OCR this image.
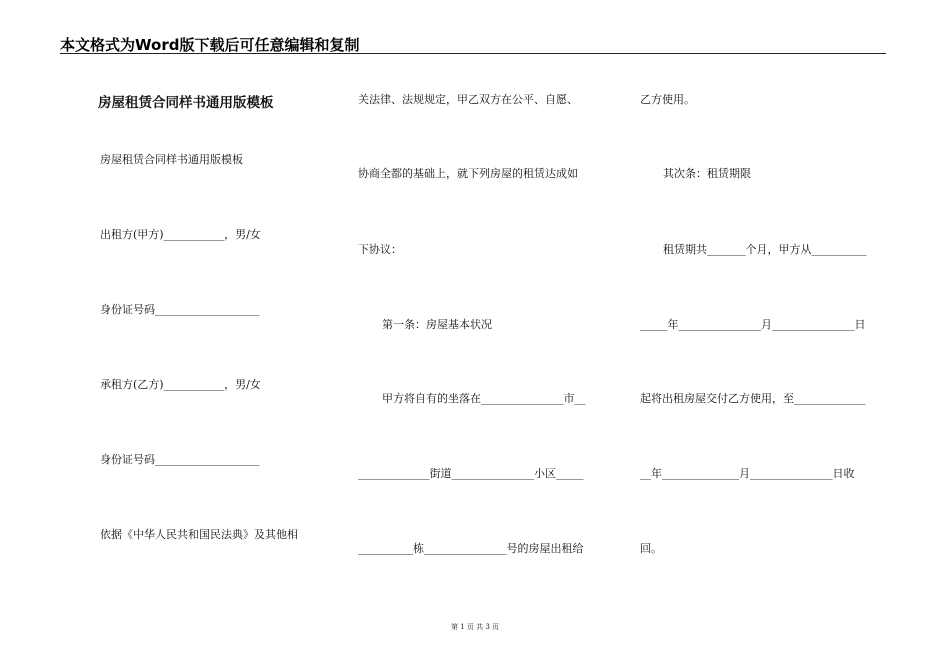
本文格式为Word版下载后可任意编辑和复制
房屋租赁合同样书通用版模板
房屋租赁合同样书通用版模板
出租方(甲方)___________，男/女
身份证号码___________________
承租方(乙方)___________，男/女
身份证号码___________________
依据《中华人民共和国民法典》及其他相
关法律、法规规定，甲乙双方在公平、自愿、
协商全都的基础上，就下列房屋的租赁达成如
下协议：
第一条：房屋基本状况
甲方将自有的坐落在_______________市__
_____________街道_______________小区_____
__________栋_______________号的房屋出租给
乙方使用。
其次条：租赁期限
租赁期共_______个月，甲方从__________
_____年_______________月_______________日
起将出租房屋交付乙方使用，至_____________
__年______________月_______________日收
回。
第 1 页 共 3 页
